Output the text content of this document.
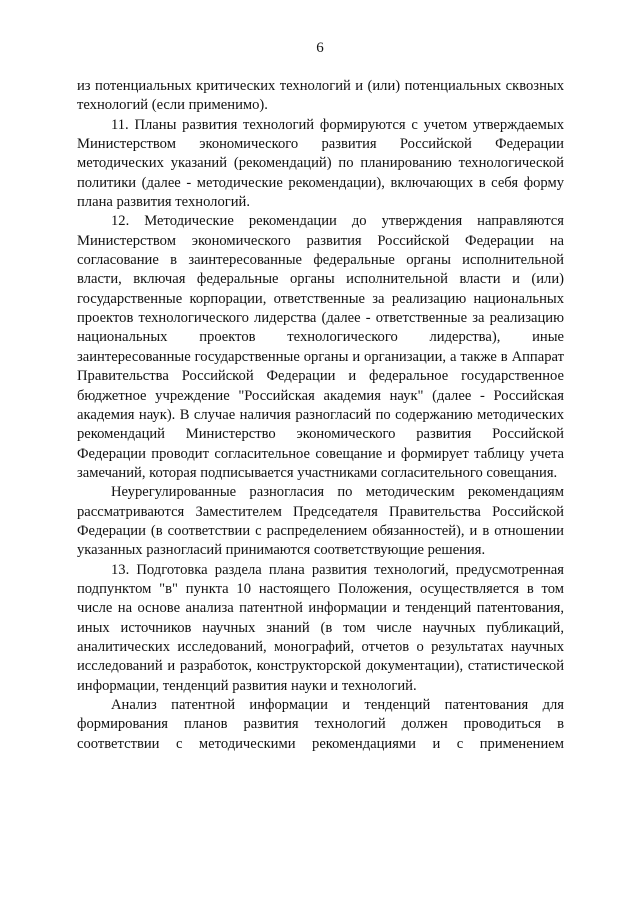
6

из потенциальных критических технологий и (или) потенциальных сквозных технологий (если применимо).

11. Планы развития технологий формируются с учетом утверждаемых Министерством экономического развития Российской Федерации методических указаний (рекомендаций) по планированию технологической политики (далее - методические рекомендации), включающих в себя форму плана развития технологий.

12. Методические рекомендации до утверждения направляются Министерством экономического развития Российской Федерации на согласование в заинтересованные федеральные органы исполнительной власти, включая федеральные органы исполнительной власти и (или) государственные корпорации, ответственные за реализацию национальных проектов технологического лидерства (далее - ответственные за реализацию национальных проектов технологического лидерства), иные заинтересованные государственные органы и организации, а также в Аппарат Правительства Российской Федерации и федеральное государственное бюджетное учреждение "Российская академия наук" (далее - Российская академия наук). В случае наличия разногласий по содержанию методических рекомендаций Министерство экономического развития Российской Федерации проводит согласительное совещание и формирует таблицу учета замечаний, которая подписывается участниками согласительного совещания.

Неурегулированные разногласия по методическим рекомендациям рассматриваются Заместителем Председателя Правительства Российской Федерации (в соответствии с распределением обязанностей), и в отношении указанных разногласий принимаются соответствующие решения.

13. Подготовка раздела плана развития технологий, предусмотренная подпунктом "в" пункта 10 настоящего Положения, осуществляется в том числе на основе анализа патентной информации и тенденций патентования, иных источников научных знаний (в том числе научных публикаций, аналитических исследований, монографий, отчетов о результатах научных исследований и разработок, конструкторской документации), статистической информации, тенденций развития науки и технологий.

Анализ патентной информации и тенденций патентования для формирования планов развития технологий должен проводиться в соответствии с методическими рекомендациями и с применением
